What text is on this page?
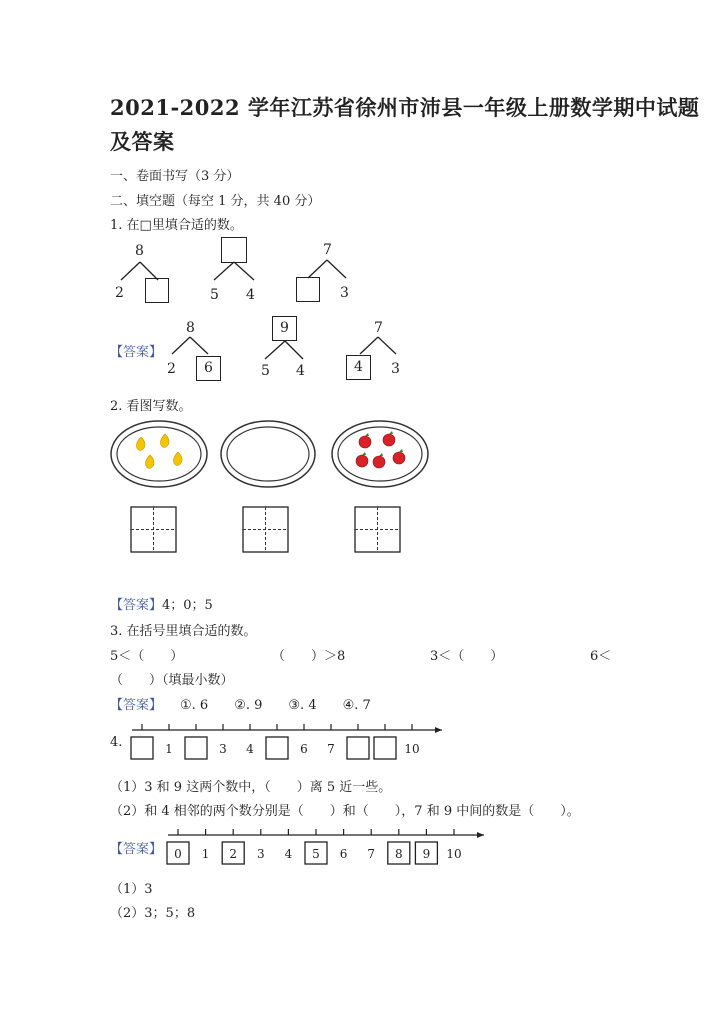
2021-2022 学年江苏省徐州市沛县一年级上册数学期中试题
及答案
一、卷面书写（3 分）
二、填空题（每空 1 分，共 40 分）
1. 在□里填合适的数。
8
2	5 4
7
3
【答案】
8
2	6
9
5 4
7
4	3
2. 看图写数。
【答案】4；0；5
3. 在括号里填合适的数。
5＜（　　）	（　　）＞8	3＜（　　）	6＜
（　　）（填最小数）
【答案】 ①. 6　　②. 9　　③. 4　　④. 7
4.	1	3 4	6 7	10
（1）3 和 9 这两个数中，（　　）离 5 近一些。
（2）和 4 相邻的两个数分别是（　　）和（　　），7 和 9 中间的数是（　　）。
【答案】 0 1 2 3 4 5 6 7 8 9 10
（1）3
（2）3；5；8
